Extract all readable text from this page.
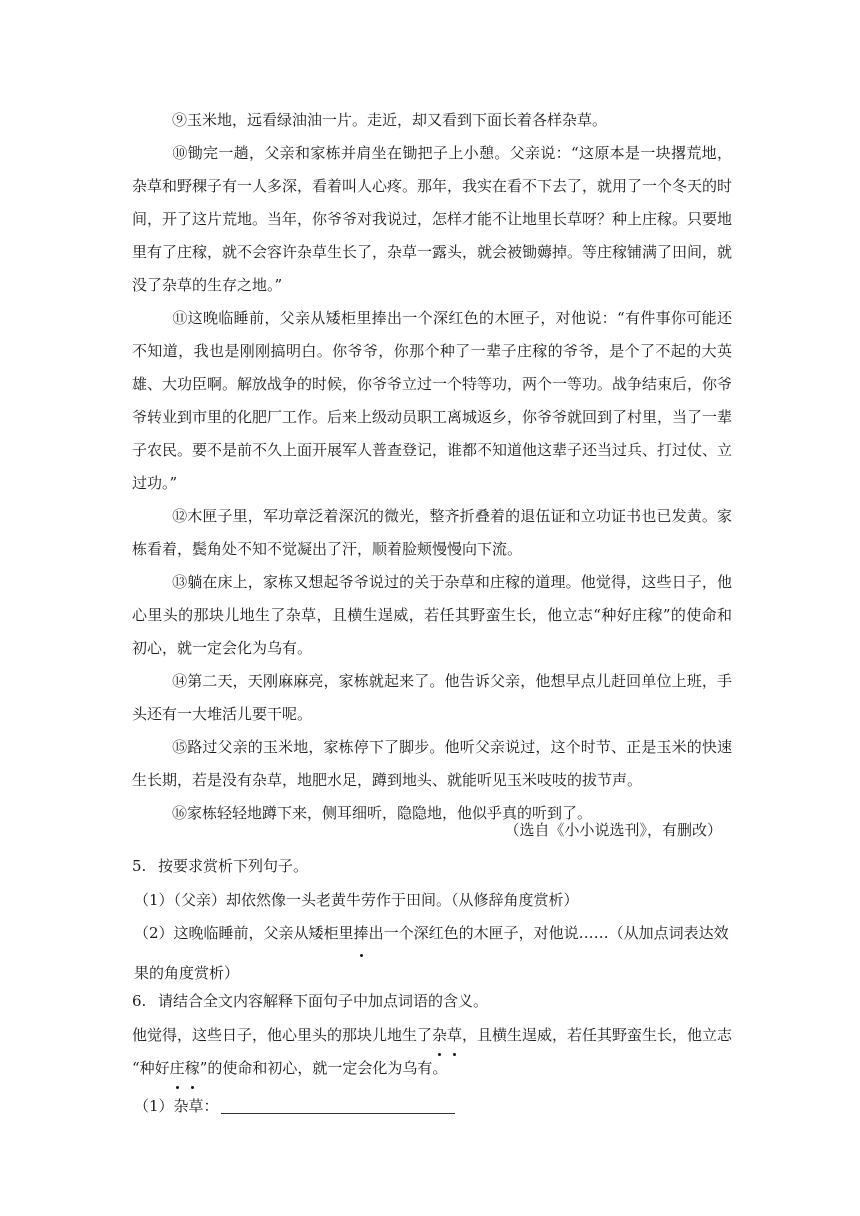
⑨玉米地，远看绿油油一片。走近，却又看到下面长着各样杂草。

⑩锄完一趟，父亲和家栋并肩坐在锄把子上小憩。父亲说：“这原本是一块撂荒地，杂草和野稞子有一人多深，看着叫人心疼。那年，我实在看不下去了，就用了一个冬天的时间，开了这片荒地。当年，你爷爷对我说过，怎样才能不让地里长草呀？种上庄稼。只要地里有了庄稼，就不会容许杂草生长了，杂草一露头，就会被锄薅掉。等庄稼铺满了田间，就没了杂草的生存之地。”

⑪这晚临睡前，父亲从矮柜里捧出一个深红色的木匣子，对他说：“有件事你可能还不知道，我也是刚刚搞明白。你爷爷，你那个种了一辈子庄稼的爷爷，是个了不起的大英雄、大功臣啊。解放战争的时候，你爷爷立过一个特等功，两个一等功。战争结束后，你爷爷转业到市里的化肥厂工作。后来上级动员职工离城返乡，你爷爷就回到了村里，当了一辈子农民。要不是前不久上面开展军人普查登记，谁都不知道他这辈子还当过兵、打过仗、立过功。”

⑫木匣子里，军功章泛着深沉的微光，整齐折叠着的退伍证和立功证书也已发黄。家栋看着，鬓角处不知不觉凝出了汗，顺着脸颊慢慢向下流。

⑬躺在床上，家栋又想起爷爷说过的关于杂草和庄稼的道理。他觉得，这些日子，他心里头的那块儿地生了杂草，且横生逞威，若任其野蛮生长，他立志“种好庄稼”的使命和初心，就一定会化为乌有。

⑭第二天，天刚麻麻亮，家栋就起来了。他告诉父亲，他想早点儿赶回单位上班，手头还有一大堆活儿要干呢。

⑮路过父亲的玉米地，家栋停下了脚步。他听父亲说过，这个时节、正是玉米的快速生长期，若是没有杂草，地肥水足，蹲到地头、就能听见玉米吱吱的拔节声。

⑯家栋轻轻地蹲下来，侧耳细听，隐隐地，他似乎真的听到了。

（选自《小小说选刊》，有删改）

5. 按要求赏析下列句子。

（1）（父亲）却依然像一头老黄牛劳作于田间。（从修辞角度赏析）

（2）这晚临睡前，父亲从矮柜里捧出一个深红色的木匣子，对他说……（从加点词表达效果的角度赏析）

6. 请结合全文内容解释下面句子中加点词语的含义。

他觉得，这些日子，他心里头的那块儿地生了杂草，且横生逞威，若任其野蛮生长，他立志

“种好庄稼”的使命和初心，就一定会化为乌有。

（1）杂草：
